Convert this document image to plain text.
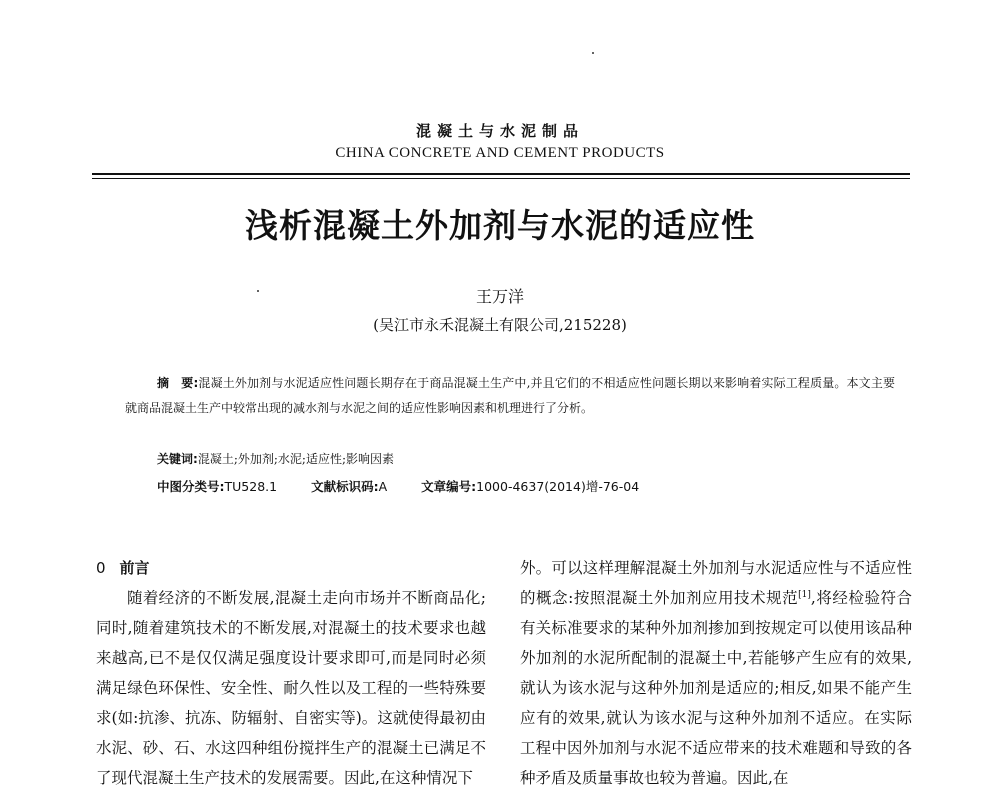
混凝土与水泥制品
CHINA CONCRETE AND CEMENT PRODUCTS
浅析混凝土外加剂与水泥的适应性
王万洋
(吴江市永禾混凝土有限公司,215228)
摘　要:混凝土外加剂与水泥适应性问题长期存在于商品混凝土生产中,并且它们的不相适应性问题长期以来影响着实际工程质量。本文主要就商品混凝土生产中较常出现的减水剂与水泥之间的适应性影响因素和机理进行了分析。
关键词:混凝土;外加剂;水泥;适应性;影响因素
中图分类号:TU528.1	文献标识码:A	文章编号:1000-4637(2014)增-76-04
0 前言

随着经济的不断发展,混凝土走向市场并不断商品化;同时,随着建筑技术的不断发展,对混凝土的技术要求也越来越高,已不是仅仅满足强度设计要求即可,而是同时必须满足绿色环保性、安全性、耐久性以及工程的一些特殊要求(如:抗渗、抗冻、防辐射、自密实等)。这就使得最初由水泥、砂、石、水这四种组份搅拌生产的混凝土已满足不了现代混凝土生产技术的发展需要。因此,在这种情况下

外。可以这样理解混凝土外加剂与水泥适应性与不适应性的概念:按照混凝土外加剂应用技术规范[1],将经检验符合有关标准要求的某种外加剂掺加到按规定可以使用该品种外加剂的水泥所配制的混凝土中,若能够产生应有的效果,就认为该水泥与这种外加剂是适应的;相反,如果不能产生应有的效果,就认为该水泥与这种外加剂不适应。在实际工程中因外加剂与水泥不适应带来的技术难题和导致的各种矛盾及质量事故也较为普遍。因此,在
